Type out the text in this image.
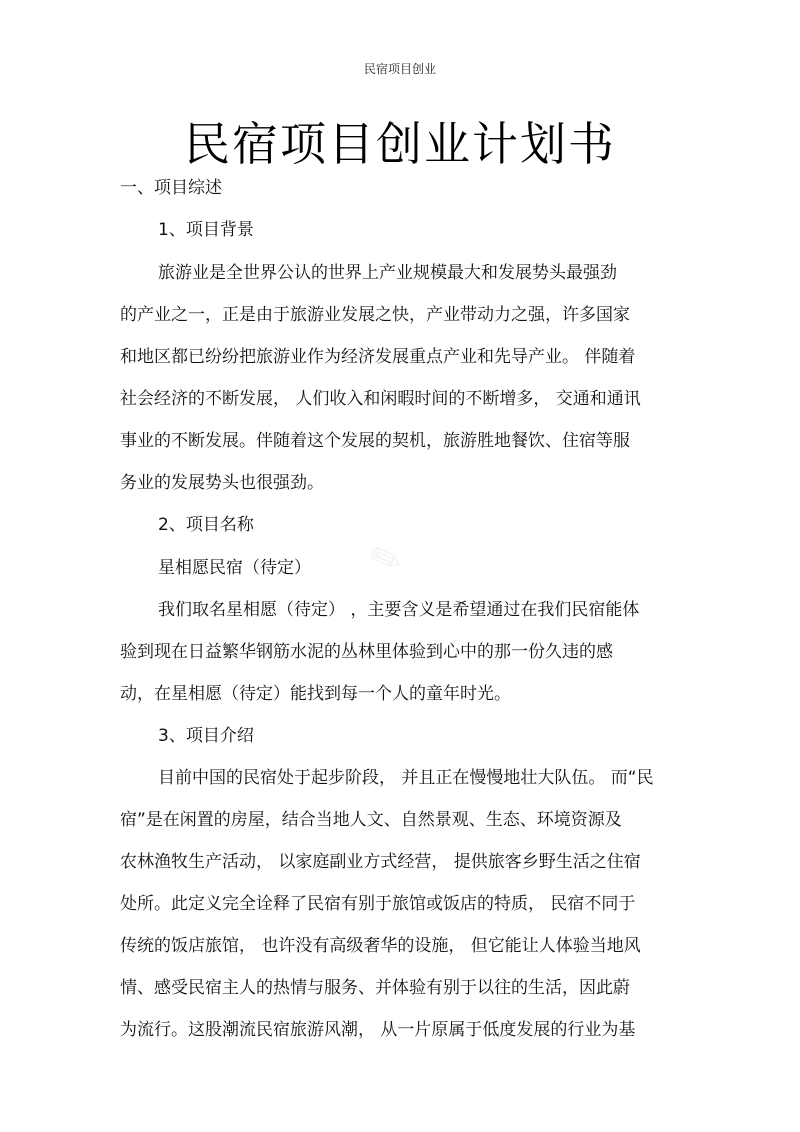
民宿项目创业
民宿项目创业计划书
一、项目综述
1、项目背景
旅游业是全世界公认的世界上产业规模最大和发展势头最强劲
的产业之一，正是由于旅游业发展之快，产业带动力之强，许多国家
和地区都已纷纷把旅游业作为经济发展重点产业和先导产业。 伴随着
社会经济的不断发展， 人们收入和闲暇时间的不断增多， 交通和通讯
事业的不断发展。伴随着这个发展的契机，旅游胜地餐饮、住宿等服
务业的发展势头也很强劲。
2、项目名称
星相愿民宿（待定） ✎
我们取名星相愿（待定） ，主要含义是希望通过在我们民宿能体
验到现在日益繁华钢筋水泥的丛林里体验到心中的那一份久违的感
动，在星相愿（待定）能找到每一个人的童年时光。
3、项目介绍
目前中国的民宿处于起步阶段， 并且正在慢慢地壮大队伍。 而“民
宿”是在闲置的房屋，结合当地人文、自然景观、生态、环境资源及
农林渔牧生产活动， 以家庭副业方式经营， 提供旅客乡野生活之住宿
处所。此定义完全诠释了民宿有别于旅馆或饭店的特质， 民宿不同于
传统的饭店旅馆， 也许没有高级奢华的设施， 但它能让人体验当地风
情、感受民宿主人的热情与服务、并体验有别于以往的生活，因此蔚
为流行。这股潮流民宿旅游风潮， 从一片原属于低度发展的行业为基
